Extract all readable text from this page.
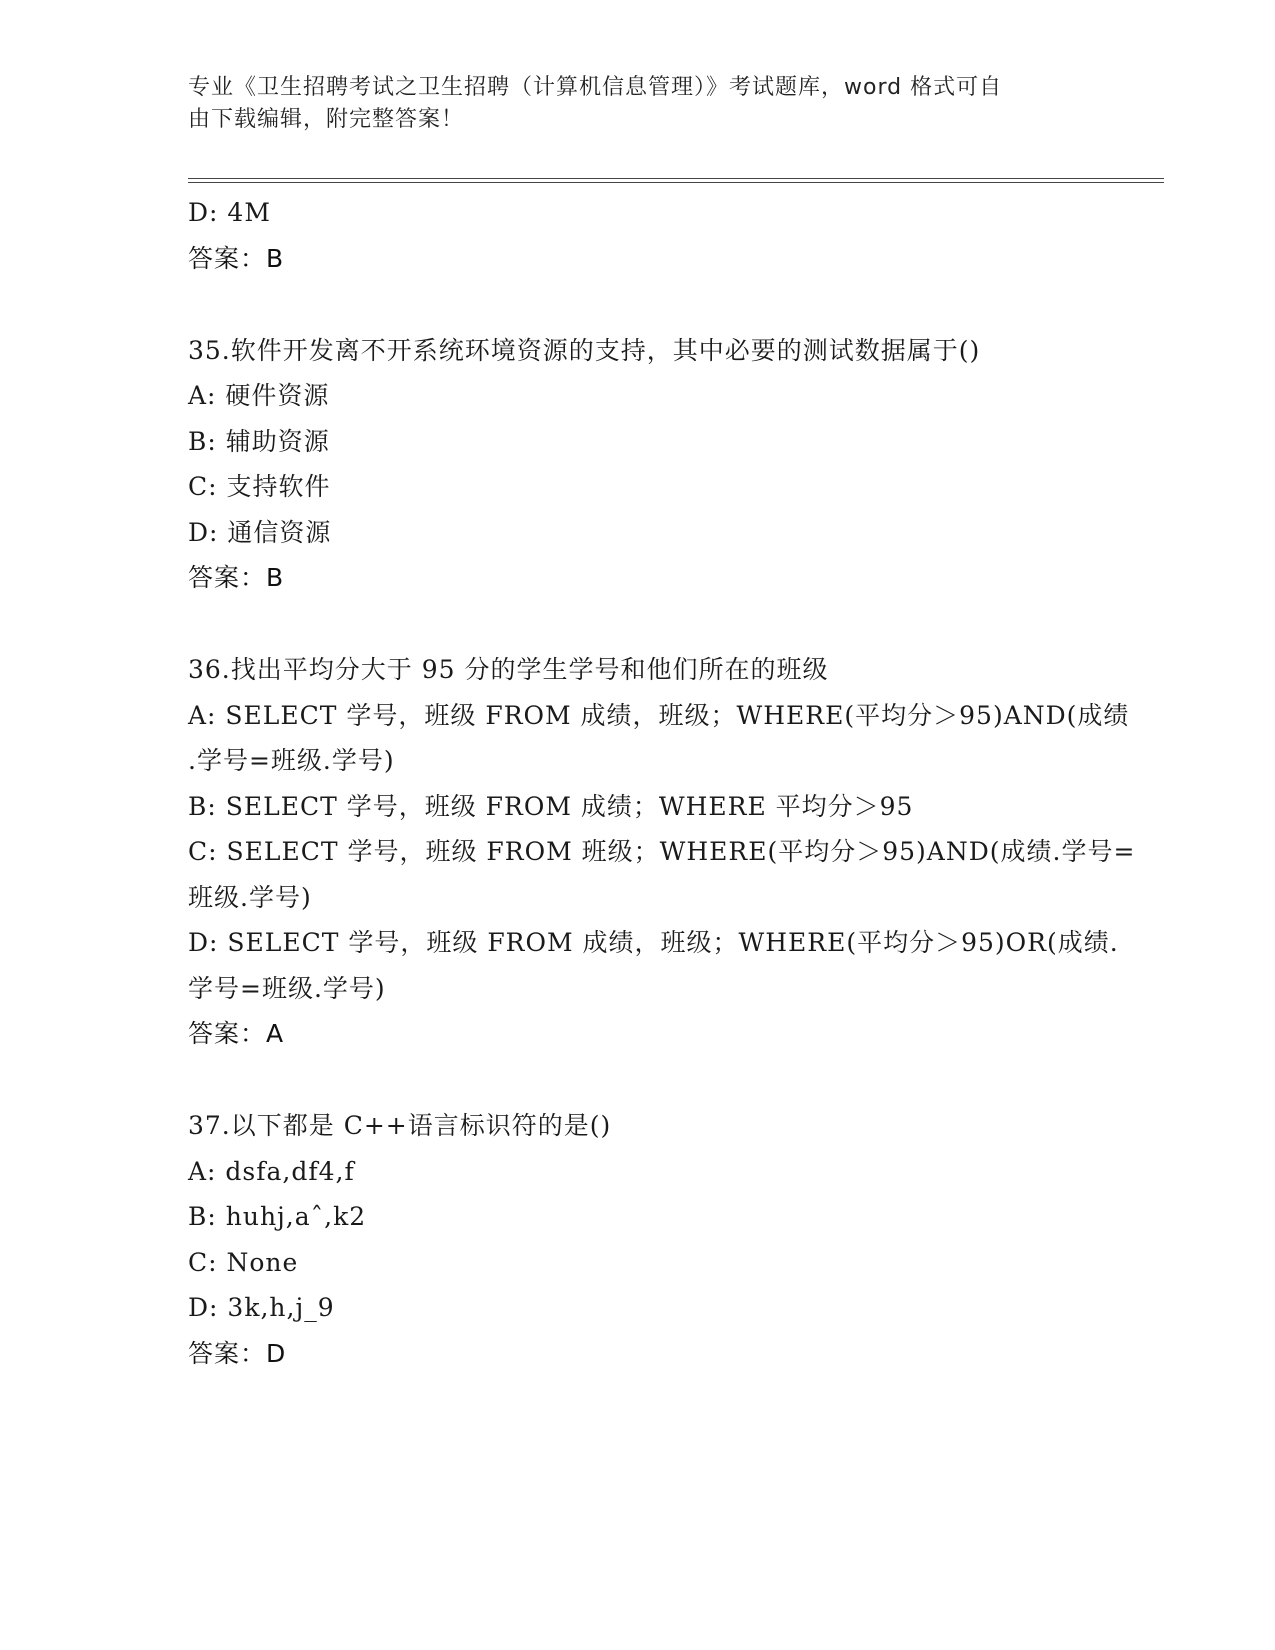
专业《卫生招聘考试之卫生招聘（计算机信息管理）》考试题库，word 格式可自
由下载编辑，附完整答案！
D: 4M
答案：B
35.软件开发离不开系统环境资源的支持，其中必要的测试数据属于()
A: 硬件资源
B: 辅助资源
C: 支持软件
D: 通信资源
答案：B
36.找出平均分大于 95 分的学生学号和他们所在的班级
A: SELECT 学号，班级 FROM 成绩，班级；WHERE(平均分＞95)AND(成绩
.学号=班级.学号)
B: SELECT 学号，班级 FROM 成绩；WHERE 平均分＞95
C: SELECT 学号，班级 FROM 班级；WHERE(平均分＞95)AND(成绩.学号=
班级.学号)
D: SELECT 学号，班级 FROM 成绩，班级；WHERE(平均分＞95)OR(成绩.
学号=班级.学号)
答案：A
37.以下都是 C++语言标识符的是()
A: dsfa,df4,f
B: huhj,aˆ,k2
C: None
D: 3k,h,j_9
答案：D
